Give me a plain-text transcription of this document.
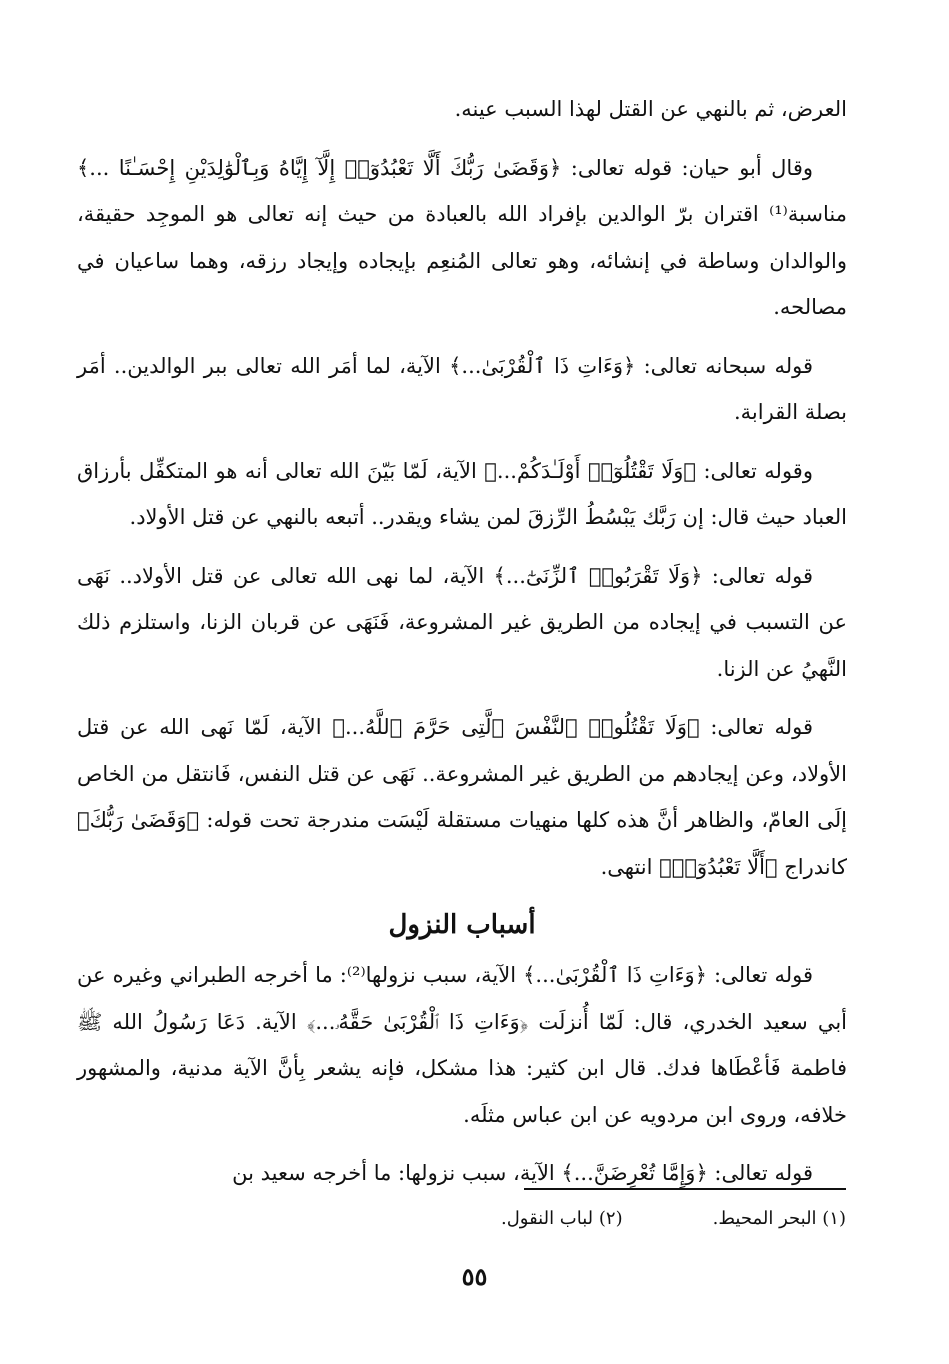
العرض، ثم بالنهي عن القتل لهذا السبب عينه.

وقال أبو حيان: قوله تعالى: ﴿وَقَضَىٰ رَبُّكَ أَلَّا تَعْبُدُوٓا۟ إِلَّآ إِيَّاهُ وَبِٱلْوَٰلِدَيْنِ إِحْسَـٰنًا ...﴾ مناسبة⁽¹⁾ اقتران برّ الوالدين بإفراد الله بالعبادة من حيث إنه تعالى هو الموجِد حقيقة، والوالدان وساطة في إنشائه، وهو تعالى المُنعِم بإيجاده وإيجاد رزقه، وهما ساعيان في مصالحه.

قوله سبحانه تعالى: ﴿وَءَاتِ ذَا ٱلْقُرْبَىٰ...﴾ الآية، لما أمَر الله تعالى ببر الوالدين.. أمَر بصلة القرابة.

وقوله تعالى: ﴿وَلَا تَقْتُلُوٓا۟ أَوْلَـٰدَكُمْ...﴾ الآية، لَمّا بَيّنَ الله تعالى أنه هو المتكفِّل بأرزاق العباد حيث قال: إن رَبَّك يَبْسُطُ الرِّزقَ لمن يشاء ويقدر.. أتبعه بالنهي عن قتل الأولاد.

قوله تعالى: ﴿وَلَا تَقْرَبُوا۟ ٱلزِّنَىٰٓ...﴾ الآية، لما نهى الله تعالى عن قتل الأولاد.. نَهَى عن التسبب في إيجاده من الطريق غير المشروعة، فَنَهَى عن قربان الزنا، واستلزم ذلك النَّهيُ عن الزنا.

قوله تعالى: ﴿وَلَا تَقْتُلُوا۟ ٱلنَّفْسَ ٱلَّتِى حَرَّمَ ٱللَّهُ...﴾ الآية، لَمّا نَهى الله عن قتل الأولاد، وعن إيجادهم من الطريق غير المشروعة.. نَهَى عن قتل النفس، فَانتقل من الخاص إلَى العامّ، والظاهر أنَّ هذه كلها منهيات مستقلة لَيْسَت مندرجة تحت قوله: ﴿وَقَضَىٰ رَبُّكَ﴾ كاندراج ﴿أَلَّا تَعْبُدُوٓا۟﴾ انتهى.

أسباب النزول

قوله تعالى: ﴿وَءَاتِ ذَا ٱلْقُرْبَىٰ...﴾ الآية، سبب نزولها⁽²⁾: ما أخرجه الطبراني وغيره عن أبي سعيد الخدري، قال: لَمّا أُنزلَت ﴿وَءَاتِ ذَا ٱلْقُرْبَىٰ حَقَّهُۥ...﴾ الآية. دَعَا رَسُولُ الله ﷺ فاطمة فَأعْطَاها فدك. قال ابن كثير: هذا مشكل، فإنه يشعر بِأنَّ الآية مدنية، والمشهور خلافه، وروى ابن مردويه عن ابن عباس مثلَه.

قوله تعالى: ﴿وَإِمَّا تُعْرِضَنَّ...﴾ الآية، سبب نزولها: ما أخرجه سعيد بن

(١) البحر المحيط.
(٢) لباب النقول.
٥٥
